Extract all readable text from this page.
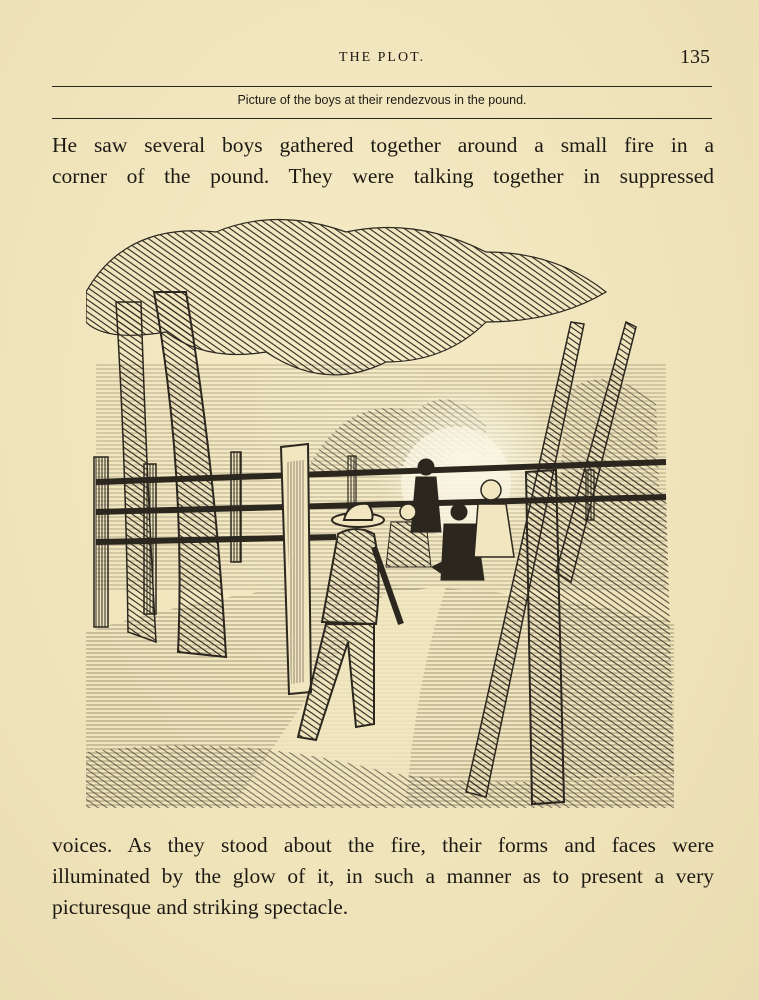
THE PLOT.	135
Picture of the boys at their rendezvous in the pound.

He saw several boys gathered together around a small fire in a
corner of the pound. They were talking together in suppressed

voices. As they stood about the fire, their forms and faces were
illuminated by the glow of it, in such a manner as to present a very
picturesque and striking spectacle.
